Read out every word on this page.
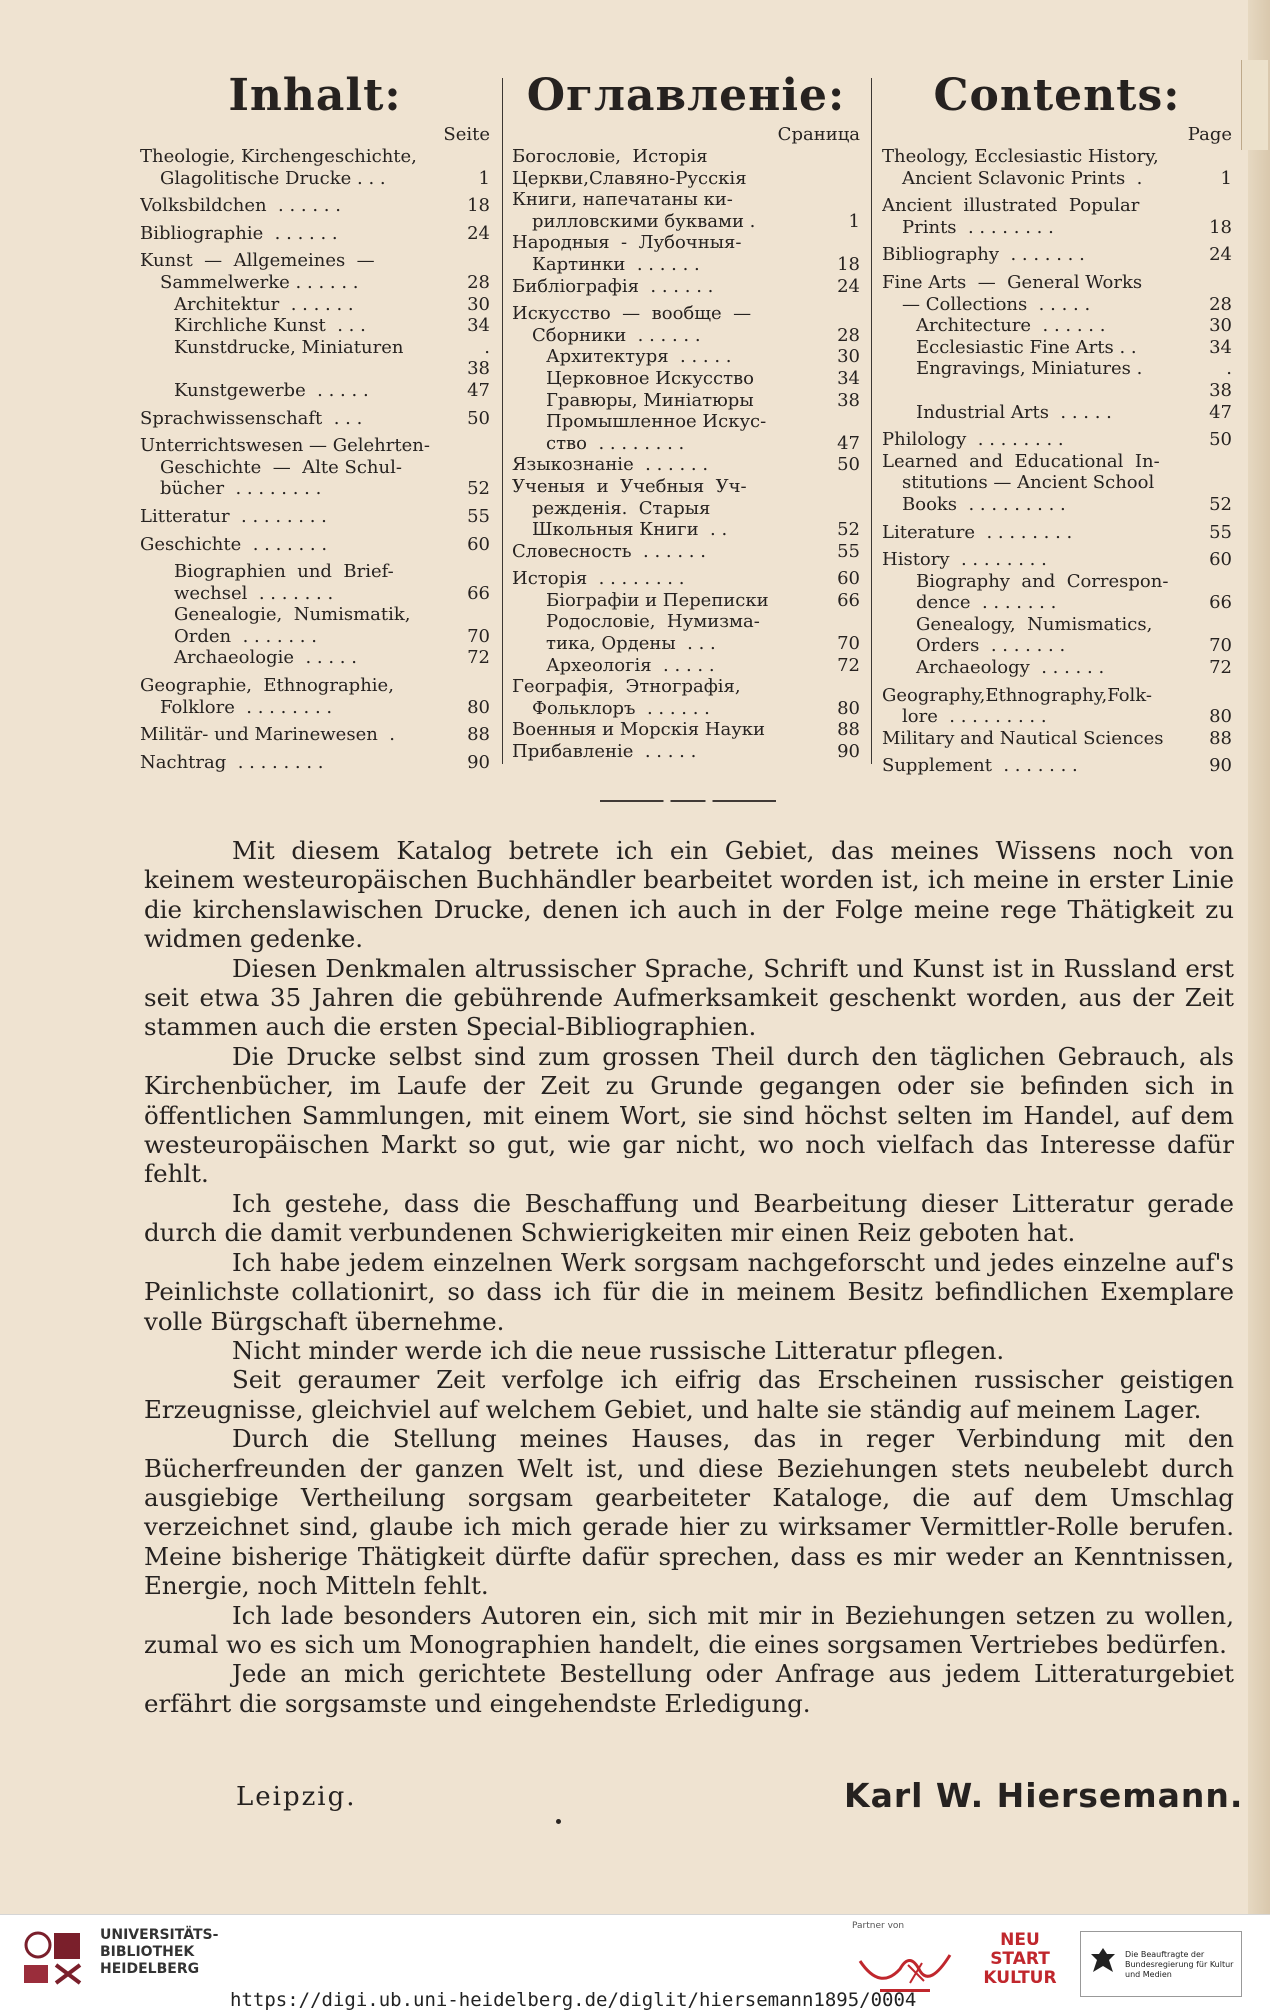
Inhalt:
Seite
Theologie, Kirchengeschichte,
Glagolitische Drucke . . .	1
Volksbildchen  . . . . . .	18
Bibliographie  . . . . . .	24
Kunst  —  Allgemeines  —
Sammelwerke . . . . . .	28
Architektur  . . . . . .	30
Kirchliche Kunst  . . .	34
Kunstdrucke, Miniaturen	. 38
Kunstgewerbe  . . . . .	47
Sprachwissenschaft  . . .	50
Unterrichtswesen — Gelehrten-
Geschichte  —  Alte Schul-
bücher  . . . . . . . .	52
Litteratur  . . . . . . . .	55
Geschichte  . . . . . . .	60
Biographien  und  Brief-
wechsel  . . . . . . .	66
Genealogie,  Numismatik,
Orden  . . . . . . .	70
Archaeologie  . . . . .	72
Geographie,  Ethnographie,
Folklore  . . . . . . . .	80
Militär- und Marinewesen  .	88
Nachtrag  . . . . . . . .	90
Оглавленiе:
Сраница
Богословіе,  Исторія
Церкви,Славяно-Русскія
Книги, напечатаны ки-
рилловскими буквами .	1
Народныя  -  Лубочныя-
Картинки  . . . . . .	18
Библіографія  . . . . . .	24
Искусство  —  вообще  —
Сборники  . . . . . .	28
Архитектуря  . . . . .	30
Церковное Искусство	34
Гравюры, Миніатюры	38
Промышленное Искус-
ство  . . . . . . . .	47
Языкознаніе  . . . . . .	50
Ученыя  и  Учебныя  Уч-
режденія.  Старыя
Школьныя Книги  . .	52
Словесность  . . . . . .	55
Исторія  . . . . . . . .	60
Біографіи и Переписки	66
Родословіе,  Нумизма-
тика, Ордены  . . .	70
Археологія  . . . . .	72
Географія,  Этнографія,
Фольклоръ  . . . . . .	80
Военныя и Морскія Науки	88
Прибавленіе  . . . . .	90
Contents:
Page
Theology, Ecclesiastic History,
Ancient Sclavonic Prints  .	1
Ancient  illustrated  Popular
Prints  . . . . . . . .	18
Bibliography  . . . . . . .	24
Fine Arts  —  General Works
— Collections  . . . . .	28
Architecture  . . . . . .	30
Ecclesiastic Fine Arts . .	34
Engravings, Miniatures .	. 38
Industrial Arts  . . . . .	47
Philology  . . . . . . . .	50
Learned  and  Educational  In-
stitutions — Ancient School
Books  . . . . . . . . .	52
Literature  . . . . . . . .	55
History  . . . . . . . .	60
Biography  and  Correspon-
dence  . . . . . . .	66
Genealogy,  Numismatics,
Orders  . . . . . . .	70
Archaeology  . . . . . .	72
Geography,Ethnography,Folk-
lore  . . . . . . . . .	80
Military and Nautical Sciences	88
Supplement  . . . . . . .	90

Mit diesem Katalog betrete ich ein Gebiet, das meines Wissens noch von keinem westeuropäischen Buchhändler bearbeitet worden ist, ich meine in erster Linie die kirchenslawischen Drucke, denen ich auch in der Folge meine rege Thätigkeit zu widmen gedenke.

Diesen Denkmalen altrussischer Sprache, Schrift und Kunst ist in Russland erst seit etwa 35 Jahren die gebührende Aufmerksamkeit geschenkt worden, aus der Zeit stammen auch die ersten Special-Bibliographien.

Die Drucke selbst sind zum grossen Theil durch den täglichen Gebrauch, als Kirchenbücher, im Laufe der Zeit zu Grunde gegangen oder sie befinden sich in öffentlichen Sammlungen, mit einem Wort, sie sind höchst selten im Handel, auf dem westeuropäischen Markt so gut, wie gar nicht, wo noch vielfach das Interesse dafür fehlt.

Ich gestehe, dass die Beschaffung und Bearbeitung dieser Litteratur gerade durch die damit verbundenen Schwierigkeiten mir einen Reiz geboten hat.

Ich habe jedem einzelnen Werk sorgsam nachgeforscht und jedes einzelne auf's Peinlichste collationirt, so dass ich für die in meinem Besitz befindlichen Exemplare volle Bürgschaft übernehme.

Nicht minder werde ich die neue russische Litteratur pflegen.

Seit geraumer Zeit verfolge ich eifrig das Erscheinen russischer geistigen Erzeugnisse, gleichviel auf welchem Gebiet, und halte sie ständig auf meinem Lager.

Durch die Stellung meines Hauses, das in reger Verbindung mit den Bücherfreunden der ganzen Welt ist, und diese Beziehungen stets neubelebt durch ausgiebige Vertheilung sorgsam gearbeiteter Kataloge, die auf dem Umschlag verzeichnet sind, glaube ich mich gerade hier zu wirksamer Vermittler-Rolle berufen. Meine bisherige Thätigkeit dürfte dafür sprechen, dass es mir weder an Kenntnissen, Energie, noch Mitteln fehlt.

Ich lade besonders Autoren ein, sich mit mir in Beziehungen setzen zu wollen, zumal wo es sich um Monographien handelt, die eines sorgsamen Vertriebes bedürfen.

Jede an mich gerichtete Bestellung oder Anfrage aus jedem Litteraturgebiet erfährt die sorgsamste und eingehendste Erledigung.

Leipzig.	Karl W. Hiersemann.
UNIVERSITÄTS-
BIBLIOTHEK
HEIDELBERG
Partner von
NEU
START
KULTUR
Die Beauftragte der Bundesregierung für Kultur und Medien
https://digi.ub.uni-heidelberg.de/diglit/hiersemann1895/0004
